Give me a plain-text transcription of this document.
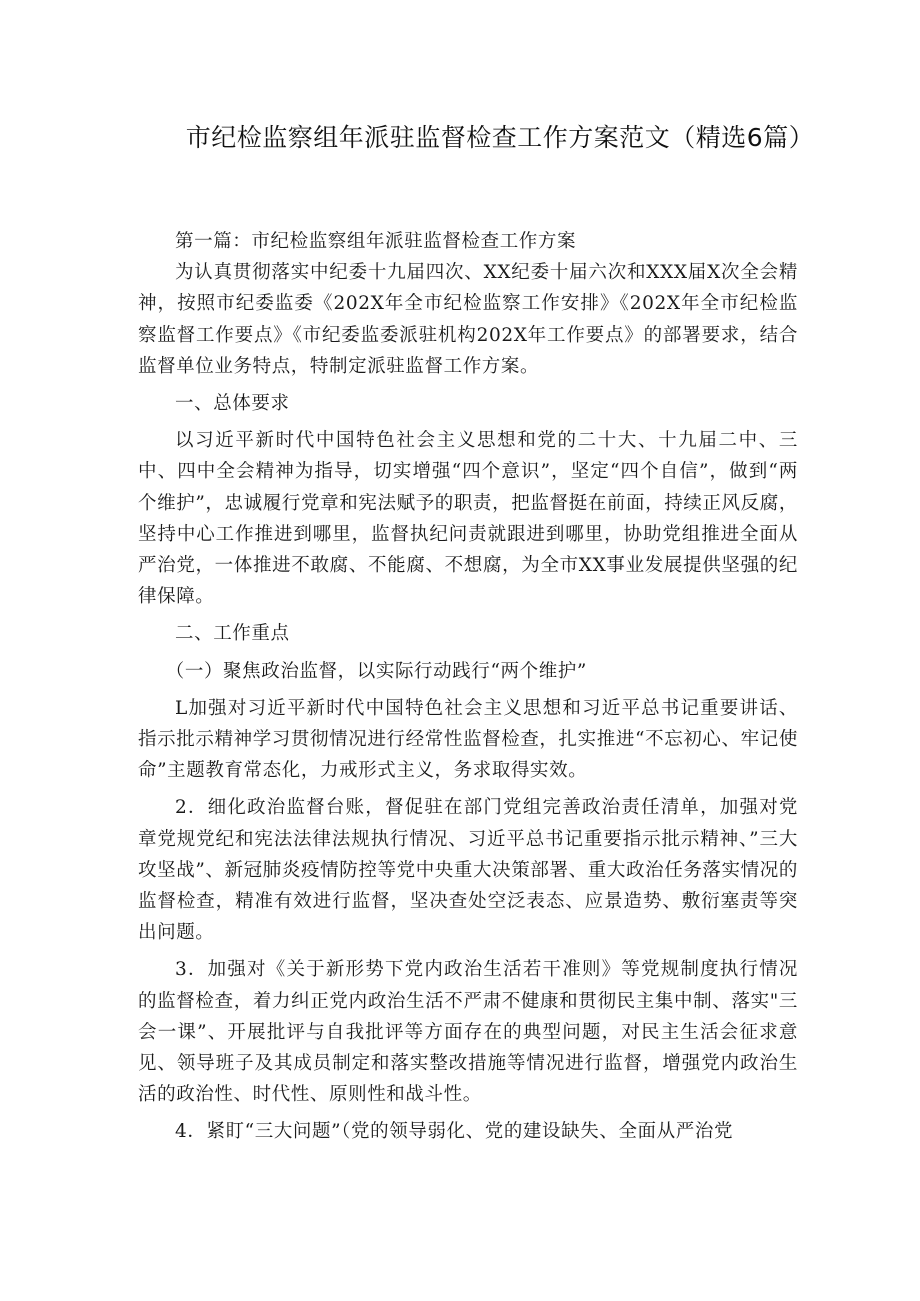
市纪检监察组年派驻监督检查工作方案范文（精选6篇）

第一篇：市纪检监察组年派驻监督检查工作方案

为认真贯彻落实中纪委十九届四次、XX纪委十届六次和XXX届X次全会精神，按照市纪委监委《202X年全市纪检监察工作安排》《202X年全市纪检监察监督工作要点》《市纪委监委派驻机构202X年工作要点》的部署要求，结合监督单位业务特点，特制定派驻监督工作方案。

一、总体要求

以习近平新时代中国特色社会主义思想和党的二十大、十九届二中、三中、四中全会精神为指导，切实增强“四个意识”，坚定“四个自信”，做到“两个维护”，忠诚履行党章和宪法赋予的职责，把监督挺在前面，持续正风反腐，坚持中心工作推进到哪里，监督执纪问责就跟进到哪里，协助党组推进全面从严治党，一体推进不敢腐、不能腐、不想腐，为全市XX事业发展提供坚强的纪律保障。

二、工作重点

（一）聚焦政治监督，以实际行动践行“两个维护”

L加强对习近平新时代中国特色社会主义思想和习近平总书记重要讲话、指示批示精神学习贯彻情况进行经常性监督检查，扎实推进“不忘初心、牢记使命”主题教育常态化，力戒形式主义，务求取得实效。

2．细化政治监督台账，督促驻在部门党组完善政治责任清单，加强对党章党规党纪和宪法法律法规执行情况、习近平总书记重要指示批示精神、”三大攻坚战”、新冠肺炎疫情防控等党中央重大决策部署、重大政治任务落实情况的监督检查，精准有效进行监督，坚决查处空泛表态、应景造势、敷衍塞责等突出问题。

3．加强对《关于新形势下党内政治生活若干准则》等党规制度执行情况的监督检查，着力纠正党内政治生活不严肃不健康和贯彻民主集中制、落实"三会一课”、开展批评与自我批评等方面存在的典型问题，对民主生活会征求意见、领导班子及其成员制定和落实整改措施等情况进行监督，增强党内政治生活的政治性、时代性、原则性和战斗性。

4．紧盯“三大问题”（党的领导弱化、党的建设缺失、全面从严治党
